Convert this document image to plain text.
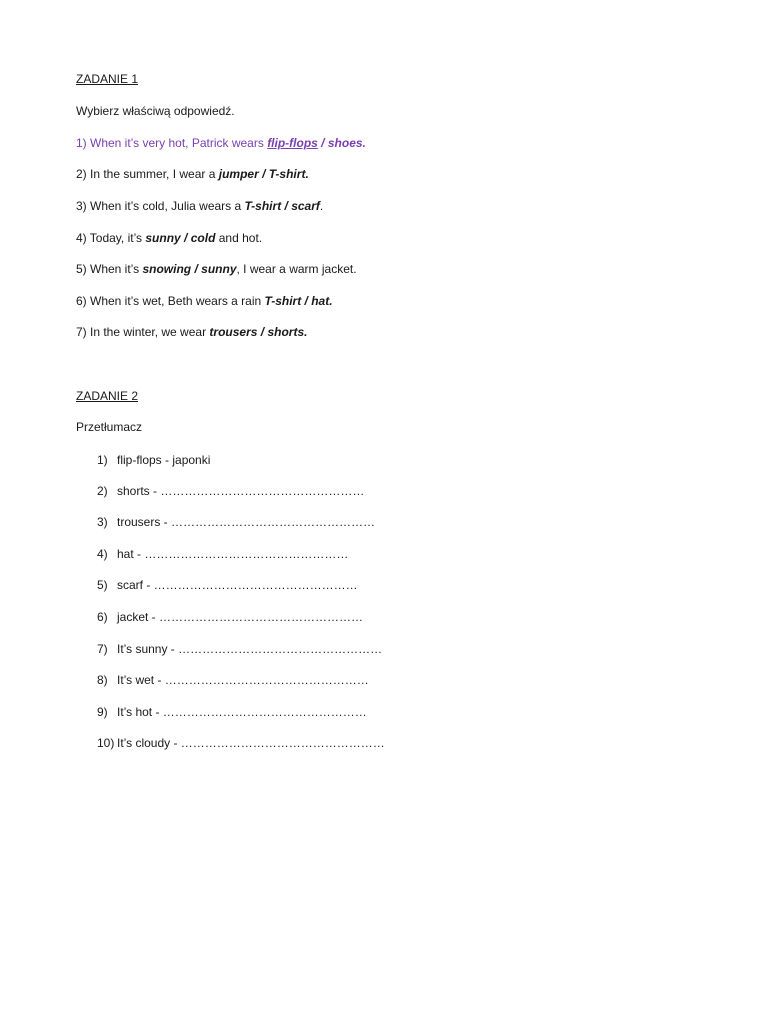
ZADANIE 1
Wybierz właściwą odpowiedź.
1) When it’s very hot, Patrick wears flip-flops / shoes.
2) In the summer, I wear a jumper / T-shirt.
3) When it’s cold, Julia wears a T-shirt / scarf.
4) Today, it’s sunny / cold and hot.
5) When it’s snowing / sunny, I wear a warm jacket.
6) When it’s wet, Beth wears a rain T-shirt / hat.
7) In the winter, we wear trousers / shorts.
ZADANIE 2
Przetłumacz
1) flip-flops - japonki
2) shorts - ……………………………………………
3) trousers - ……………………………………………
4) hat - ……………………………………………
5) scarf - ……………………………………………
6) jacket - ……………………………………………
7) It’s sunny - ……………………………………………
8) It’s wet - ……………………………………………
9) It’s hot - ……………………………………………
10) It’s cloudy - ……………………………………………
